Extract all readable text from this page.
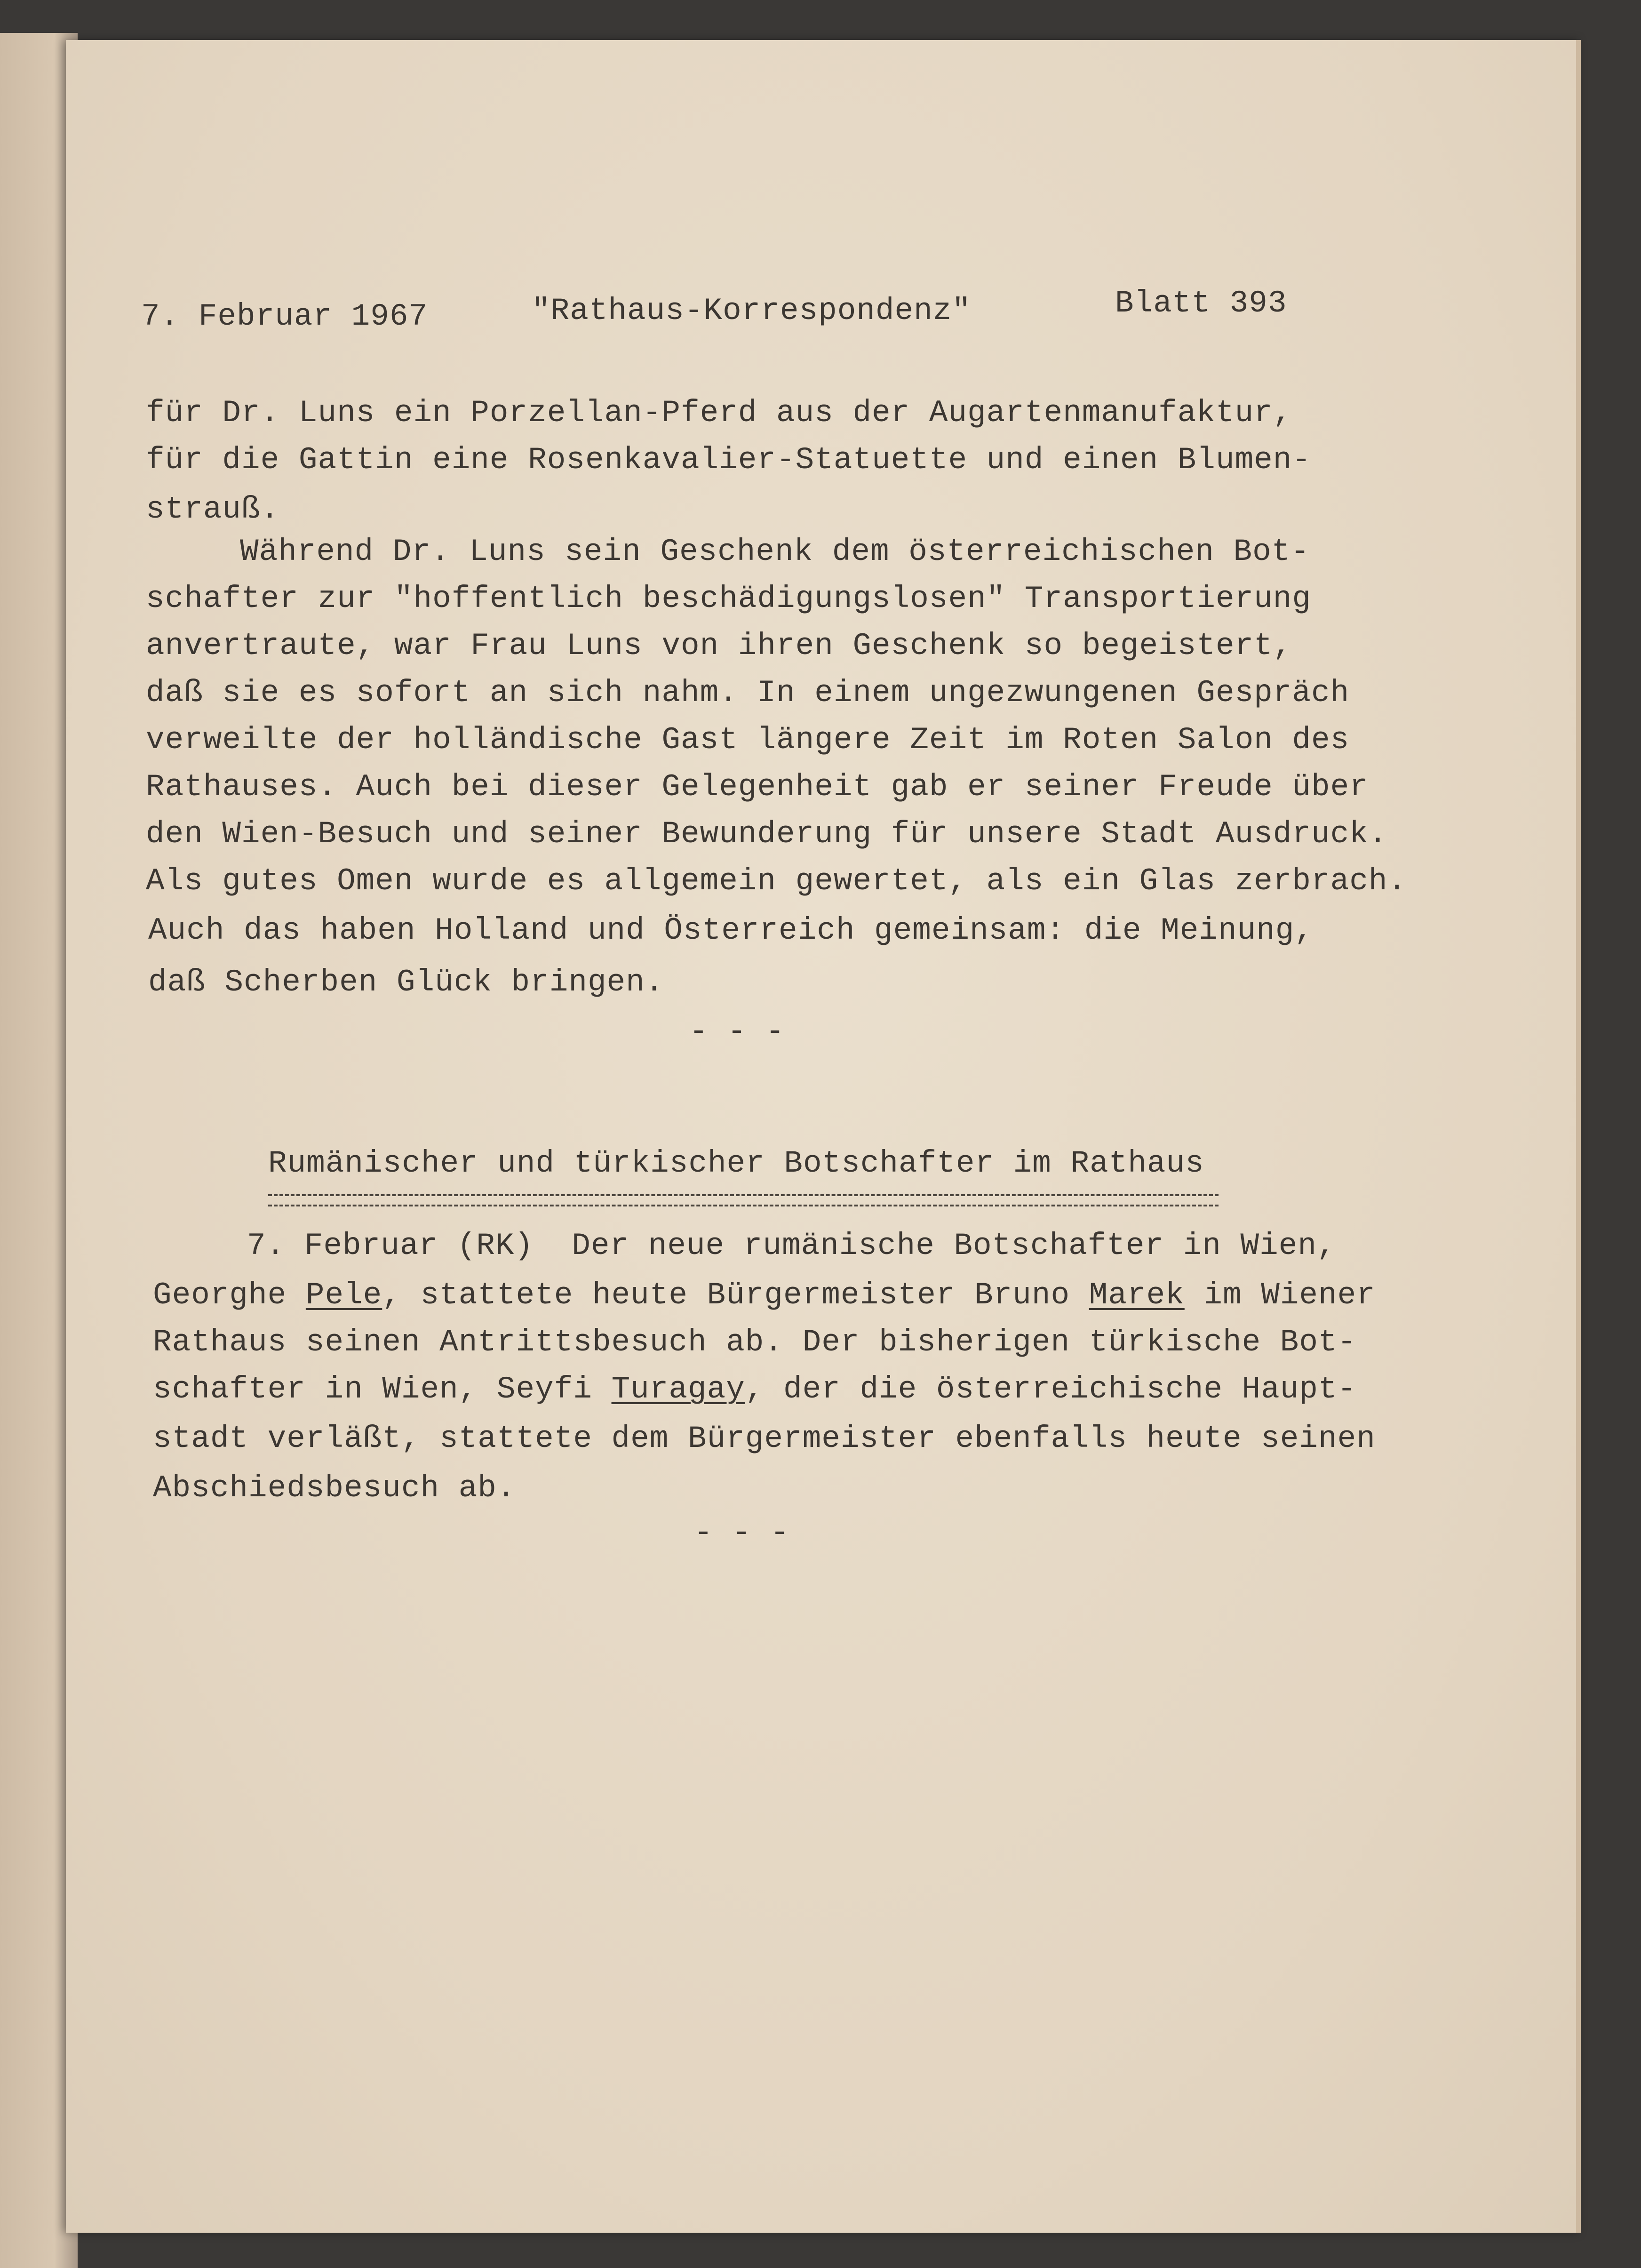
7. Februar 1967	"Rathaus-Korrespondenz"	Blatt 393
für Dr. Luns ein Porzellan-Pferd aus der Augartenmanufaktur,
für die Gattin eine Rosenkavalier-Statuette und einen Blumen-
strauß.
Während Dr. Luns sein Geschenk dem österreichischen Bot-
schafter zur "hoffentlich beschädigungslosen" Transportierung
anvertraute, war Frau Luns von ihren Geschenk so begeistert,
daß sie es sofort an sich nahm. In einem ungezwungenen Gespräch
verweilte der holländische Gast längere Zeit im Roten Salon des
Rathauses. Auch bei dieser Gelegenheit gab er seiner Freude über
den Wien-Besuch und seiner Bewunderung für unsere Stadt Ausdruck.
Als gutes Omen wurde es allgemein gewertet, als ein Glas zerbrach.
Auch das haben Holland und Österreich gemeinsam: die Meinung,
daß Scherben Glück bringen.
- - -
Rumänischer und türkischer Botschafter im Rathaus
7. Februar (RK)  Der neue rumänische Botschafter in Wien,
Georghe Pele, stattete heute Bürgermeister Bruno Marek im Wiener
Rathaus seinen Antrittsbesuch ab. Der bisherigen türkische Bot-
schafter in Wien, Seyfi Turagay, der die österreichische Haupt-
stadt verläßt, stattete dem Bürgermeister ebenfalls heute seinen
Abschiedsbesuch ab.
- - -
